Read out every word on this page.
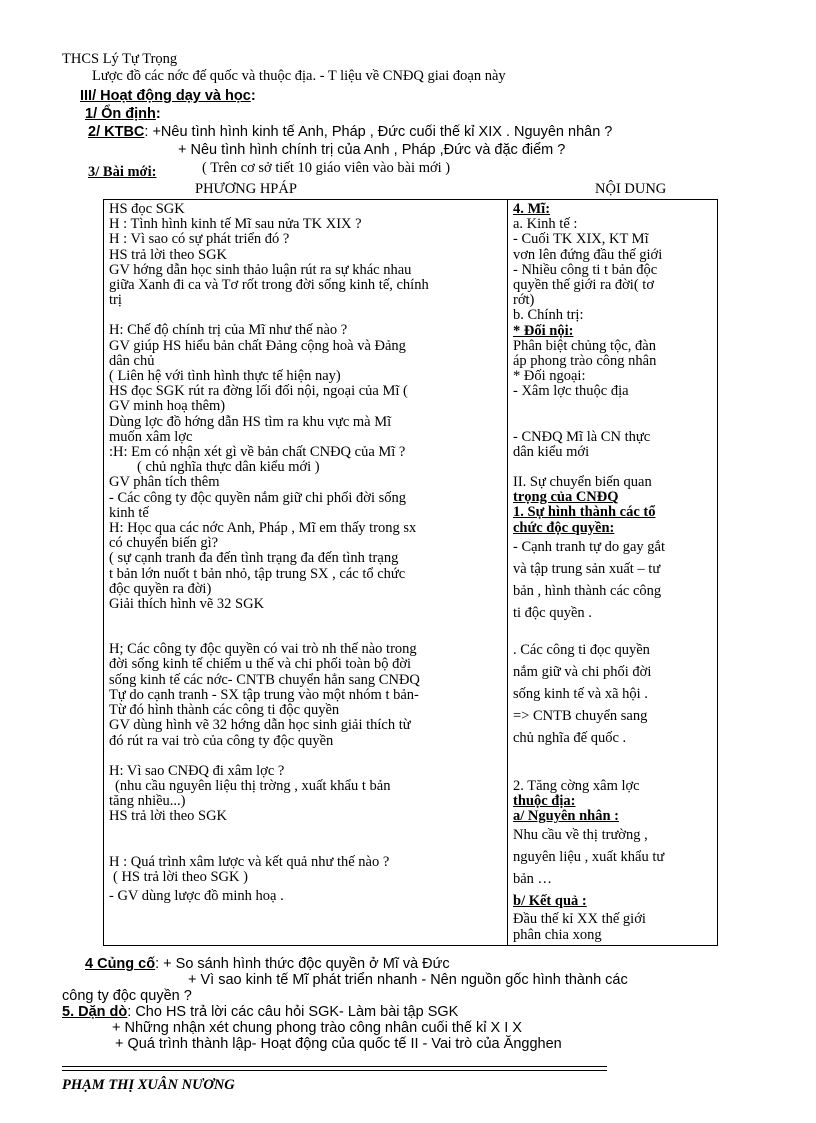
THCS Lý Tự Trọng
Lược đồ các nớc đế quốc và thuộc địa. - T liệu về CNĐQ giai đoạn này
III/ Hoạt động dạy và học:
1/ Ổn định:
2/ KTBC: +Nêu tình hình kinh tế Anh, Pháp , Đức cuối thế kỉ XIX . Nguyên nhân ?
+ Nêu tình hình chính trị của Anh , Pháp ,Đức và đặc điểm ?
3/ Bài mới:	( Trên cơ sở tiết 10 giáo viên vào bài mới )
PHƯƠNG HPÁP	NỘI DUNG
HS đọc SGK
H : Tình hình kinh tế Mĩ sau nửa TK XIX ?
H : Vì sao có sự phát triển đó ?
HS trả lời theo SGK
GV hớng dẫn học sinh thảo luận rút ra sự khác nhau
giữa Xanh đi ca và Tơ rốt trong đời sống kinh tế, chính
trị
H: Chế độ chính trị của Mĩ như thế nào ?
GV giúp HS hiểu bản chất Đảng cộng hoà và Đảng
dân chủ
( Liên hệ với tình hình thực tế hiện nay)
HS đọc SGK rút ra đờng lối đối nội, ngoại của Mĩ (
GV minh hoạ thêm)
Dùng lợc đồ hớng dẫn HS tìm ra khu vực mà Mĩ
muốn xâm lợc
:H: Em có nhận xét gì về bản chất CNĐQ của Mĩ ?
( chủ nghĩa thực dân kiểu mới )
GV phân tích thêm
- Các công ty độc quyền nắm giữ chi phối đời sống
kinh tế
H: Học qua các nớc Anh, Pháp , Mĩ em thấy trong sx
có chuyển biến gì?
( sự cạnh tranh đa đến tình trạng đa đến tình trạng
t bản lớn nuốt t bản nhỏ, tập trung SX , các tổ chức
độc quyền ra đời)
Giải thích hình vẽ 32 SGK
H; Các công ty độc quyền có vai trò nh thế nào trong
đời sống kinh tế chiếm u thế và chi phối toàn bộ đời
sống kinh tế các nớc- CNTB chuyển hẳn sang CNĐQ
Tự do cạnh tranh - SX tập trung vào một nhóm t bản-
Từ đó hình thành các công ti độc quyền
GV dùng hình vẽ 32 hớng dẫn học sinh giải thích từ
đó rút ra vai trò của công ty độc quyền
H: Vì sao CNĐQ đi xâm lợc ?
(nhu cầu nguyên liệu thị trờng , xuất khẩu t bản
tăng nhiều...)
HS trả lời theo SGK
H : Quá trình xâm lược và kết quả như thế nào ?
( HS trả lời theo SGK )
- GV dùng lược đồ minh hoạ .

4. Mĩ:
a. Kinh tế :
- Cuối TK XIX, KT Mĩ
vơn lên đứng đầu thế giới
- Nhiều công ti t bản độc
quyền thế giới ra đời( tơ
rớt)
b. Chính trị:
* Đối nội:
Phân biệt chủng tộc, đàn
áp phong trào công nhân
* Đối ngoại:
- Xâm lợc thuộc địa
- CNĐQ Mĩ là CN thực
dân kiểu mới
II. Sự chuyển biến quan
trọng của CNĐQ
1. Sự hình thành các tổ
chức độc quyền:
- Cạnh tranh tự do gay gắt
và tập trung sản xuất – tư
bản , hình thành các công
ti độc quyền .
. Các công ti đọc quyền
nắm giữ và chi phối đời
sống kinh tế và xã hội .
=> CNTB chuyển sang
chủ nghĩa đế quốc .
2. Tăng cờng xâm lợc
thuộc địa:
a/ Nguyên nhân :
Nhu cầu về thị trường ,
nguyên liệu , xuất khẩu tư
bản …
b/ Kết quả :
Đầu thế kỉ XX thế giới
phân chia xong
4 Củng cố: + So sánh hình thức độc quyền ở Mĩ và Đức
+ Vì sao kinh tế Mĩ phát triển nhanh - Nên nguồn gốc hình thành các
công ty độc quyền ?
5. Dặn dò: Cho HS trả lời các câu hỏi SGK- Làm bài tập SGK
+ Những nhận xét chung phong trào công nhân cuối thế kỉ X I X
+ Quá trình thành lập- Hoạt động của quốc tế II - Vai trò của Ăngghen
PHẠM THỊ XUÂN NƯƠNG
